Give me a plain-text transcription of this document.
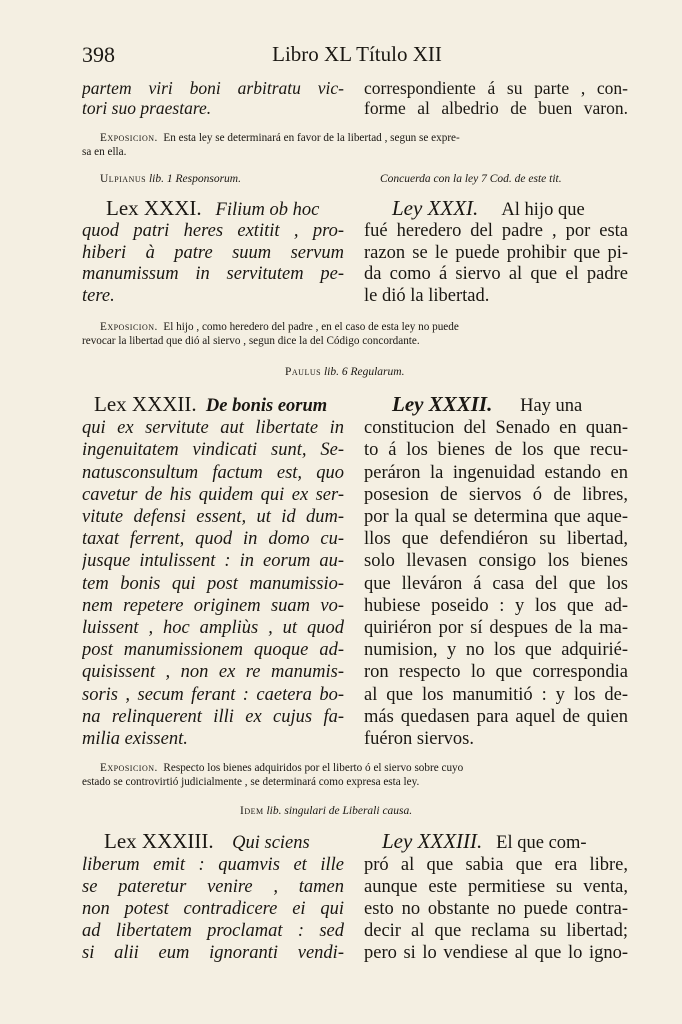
398	Libro XL Título XII
partem viri boni arbitratu vic-
tori suo praestare.
correspondiente á su parte , con-
forme al albedrio de buen varon.
Exposicion. En esta ley se determinará en favor de la libertad , segun se expre-
sa en ella.
Ulpianus lib. 1 Responsorum.	Concuerda con la ley 7 Cod. de este tit.
Lex XXXI. Filium ob hoc
quod patri heres extitit , pro-
hiberi à patre suum servum
manumissum in servitutem pe-
tere.
Ley XXXI. Al hijo que
fué heredero del padre , por esta
razon se le puede prohibir que pi-
da como á siervo al que el padre
le dió la libertad.
Exposicion. El hijo , como heredero del padre , en el caso de esta ley no puede
revocar la libertad que dió al siervo , segun dice la del Código concordante.
Paulus lib. 6 Regularum.
Lex XXXII. De bonis eorum
qui ex servitute aut libertate in
ingenuitatem vindicati sunt, Se-
natusconsultum factum est, quo
cavetur de his quidem qui ex ser-
vitute defensi essent, ut id dum-
taxat ferrent, quod in domo cu-
jusque intulissent : in eorum au-
tem bonis qui post manumissio-
nem repetere originem suam vo-
luissent , hoc ampliùs , ut quod
post manumissionem quoque ad-
quisissent , non ex re manumis-
soris , secum ferant : caetera bo-
na relinquerent illi ex cujus fa-
milia exissent.
Ley XXXII. Hay una
constitucion del Senado en quan-
to á los bienes de los que recu-
peráron la ingenuidad estando en
posesion de siervos ó de libres,
por la qual se determina que aque-
llos que defendiéron su libertad,
solo llevasen consigo los bienes
que lleváron á casa del que los
hubiese poseido : y los que ad-
quiriéron por sí despues de la ma-
numision, y no los que adquirié-
ron respecto lo que correspondia
al que los manumitió : y los de-
más quedasen para aquel de quien
fuéron siervos.
Exposicion. Respecto los bienes adquiridos por el liberto ó el siervo sobre cuyo
estado se controvirtió judicialmente , se determinará como expresa esta ley.
Idem lib. singulari de Liberali causa.
Lex XXXIII. Qui sciens
liberum emit : quamvis et ille
se pateretur venire , tamen
non potest contradicere ei qui
ad libertatem proclamat : sed
si alii eum ignoranti vendi-
Ley XXXIII. El que com-
pró al que sabia que era libre,
aunque este permitiese su venta,
esto no obstante no puede contra-
decir al que reclama su libertad;
pero si lo vendiese al que lo igno-
